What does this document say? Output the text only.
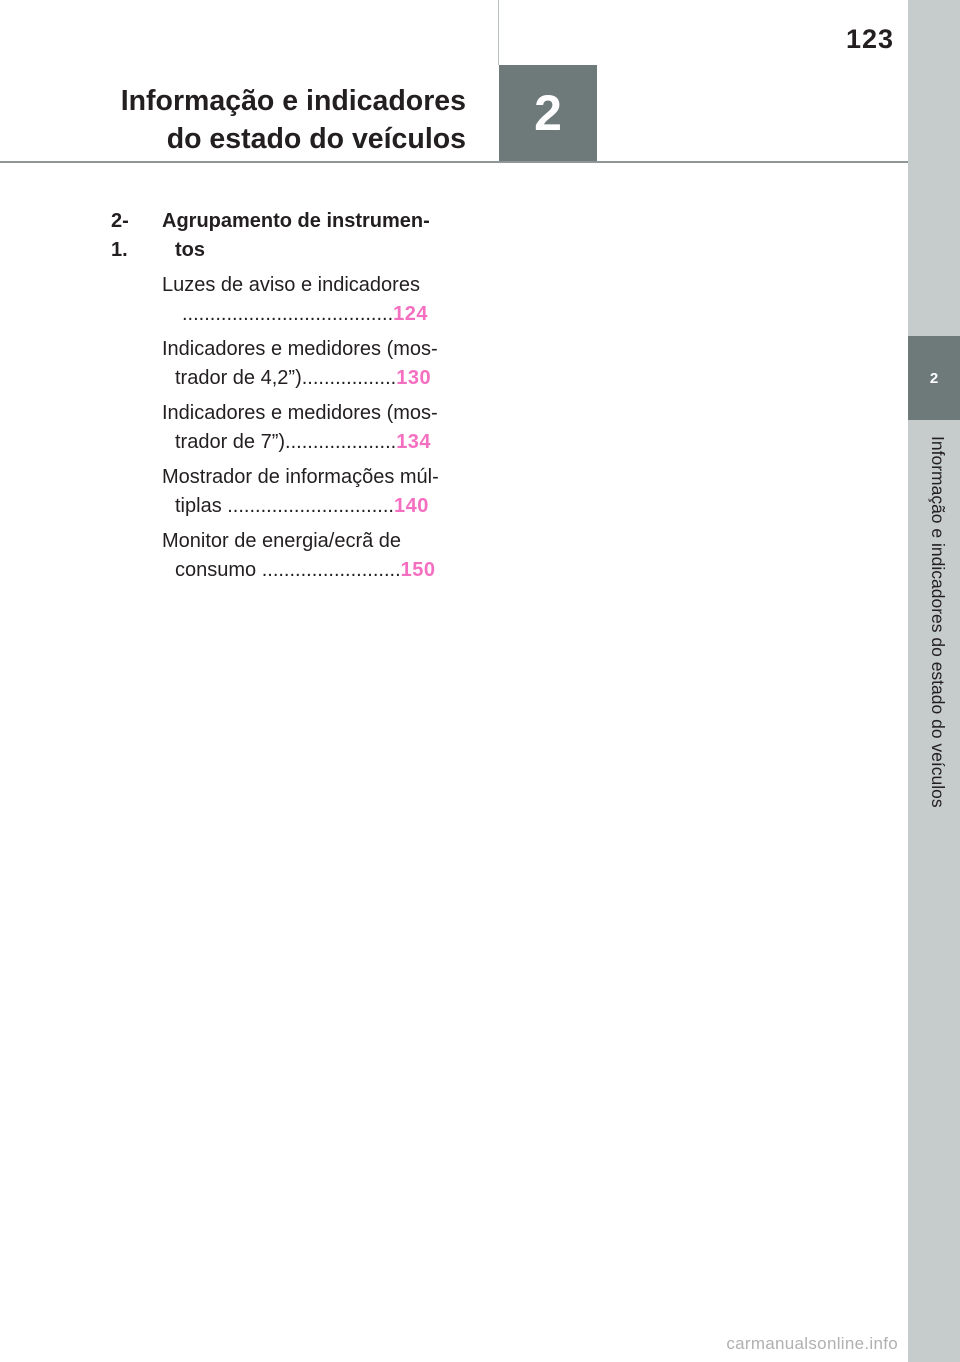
2
123
Informação e indicadores
do estado do veículos
2
Informação e indicadores do estado do veículos
2-1.
Agrupamento de instrumen-
tos
Luzes de aviso e indicadores
......................................124
Indicadores e medidores (mos-
trador de 4,2”).................130
Indicadores e medidores (mos-
trador de 7”)....................134
Mostrador de informações múl-
tiplas ..............................140
Monitor de energia/ecrã de
consumo .........................150
carmanualsonline.info
